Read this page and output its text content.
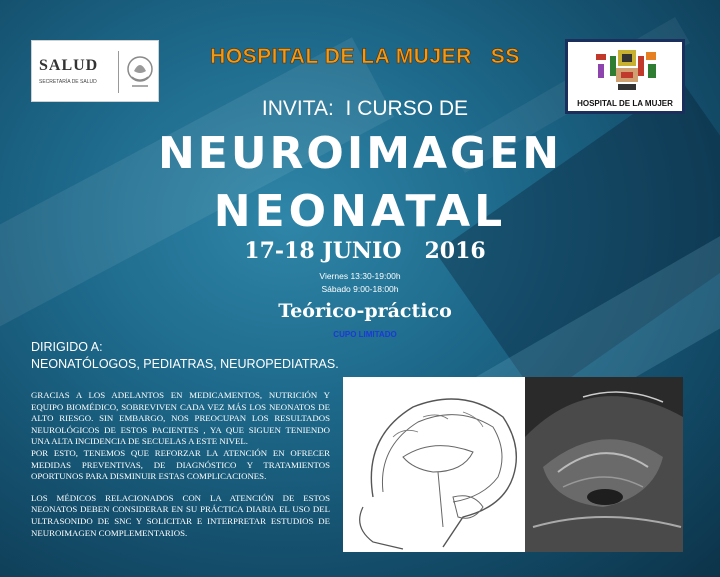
SALUD
SECRETARÍA DE SALUD
HOSPITAL DE LA MUJER
HOSPITAL DE LA MUJER   SS
INVITA:  I CURSO DE
NEUROIMAGEN
NEONATAL
17-18 JUNIO   2016
Viernes 13:30-19:00h
Sábado 9:00-18:00h
Teórico-práctico
CUPO LIMITADO
DIRIGIDO A:
NEONATÓLOGOS, PEDIATRAS, NEUROPEDIATRAS.

GRACIAS A LOS ADELANTOS EN MEDICAMENTOS, NUTRICIÓN Y EQUIPO BIOMÉDICO, SOBREVIVEN CADA VEZ MÁS LOS NEONATOS DE ALTO RIESGO. SIN EMBARGO, NOS PREOCUPAN LOS RESULTADOS NEUROLÓGICOS DE ESTOS PACIENTES , YA QUE SIGUEN TENIENDO UNA ALTA INCIDENCIA DE SECUELAS A ESTE NIVEL.

POR ESTO, TENEMOS QUE REFORZAR LA ATENCIÓN EN OFRECER MEDIDAS PREVENTIVAS, DE DIAGNÓSTICO Y TRATAMIENTOS OPORTUNOS PARA DISMINUIR ESTAS COMPLICACIONES.

LOS MÉDICOS RELACIONADOS CON LA ATENCIÓN DE ESTOS NEONATOS DEBEN CONSIDERAR EN SU PRÁCTICA DIARIA EL USO DEL ULTRASONIDO DE SNC Y SOLICITAR E INTERPRETAR ESTUDIOS DE NEUROIMAGEN COMPLEMENTARIOS.
